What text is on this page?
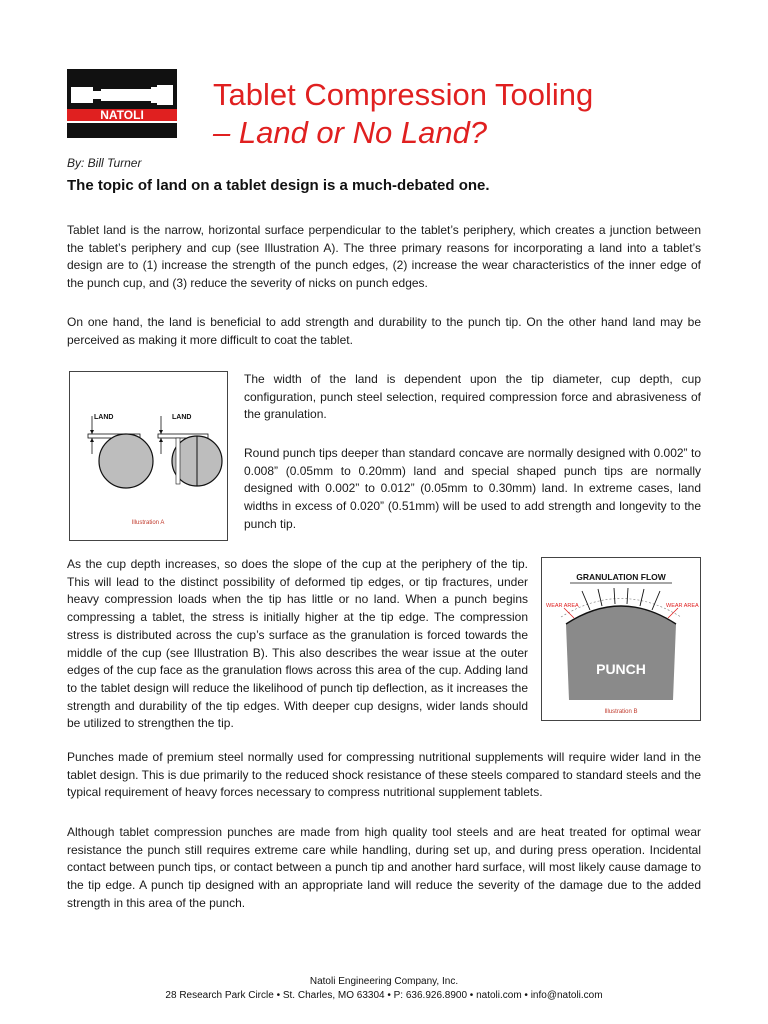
NATOLI
Tablet Compression Tooling
– Land or No Land?
By: Bill Turner
The topic of land on a tablet design is a much-debated one.

Tablet land is the narrow, horizontal surface perpendicular to the tablet’s periphery, which creates a junction between the tablet’s periphery and cup (see Illustration A). The three primary reasons for incorporating a land into a tablet’s design are to (1) increase the strength of the punch edges, (2) increase the wear characteristics of the inner edge of the punch cup, and (3) reduce the severity of nicks on punch edges.

On one hand, the land is beneficial to add strength and durability to the punch tip. On the other hand land may be perceived as making it more difficult to coat the tablet.

LAND	LAND
Illustration A

The width of the land is dependent upon the tip diameter, cup depth, cup configuration, punch steel selection, required compression force and abrasiveness of the granulation.

Round punch tips deeper than standard concave are normally designed with 0.002” to 0.008” (0.05mm to 0.20mm) land and special shaped punch tips are normally designed with 0.002” to 0.012” (0.05mm to 0.30mm) land. In extreme cases, land widths in excess of 0.020” (0.51mm) will be used to add strength and longevity to the punch tip.

As the cup depth increases, so does the slope of the cup at the periphery of the tip. This will lead to the distinct possibility of deformed tip edges, or tip fractures, under heavy compression loads when the tip has little or no land. When a punch begins compressing a tablet, the stress is initially higher at the tip edge. The compression stress is distributed across the cup’s surface as the granulation is forced towards the middle of the cup (see Illustration B). This also describes the wear issue at the outer edges of the cup face as the granulation flows across this area of the cup. Adding land to the tablet design will reduce the likelihood of punch tip deflection, as it increases the strength and durability of the tip edges. With deeper cup designs, wider lands should be utilized to strengthen the tip.

GRANULATION FLOW
WEAR AREA	WEAR AREA
PUNCH
Illustration B

Punches made of premium steel normally used for compressing nutritional supplements will require wider land in the tablet design. This is due primarily to the reduced shock resistance of these steels compared to standard steels and the typical requirement of heavy forces necessary to compress nutritional supplement tablets.

Although tablet compression punches are made from high quality tool steels and are heat treated for optimal wear resistance the punch still requires extreme care while handling, during set up, and during press operation. Incidental contact between punch tips, or contact between a punch tip and another hard surface, will most likely cause damage to the tip edge. A punch tip designed with an appropriate land will reduce the severity of the damage due to the added strength in this area of the punch.

Natoli Engineering Company, Inc.
28 Research Park Circle • St. Charles, MO 63304 • P: 636.926.8900 • natoli.com • info@natoli.com
